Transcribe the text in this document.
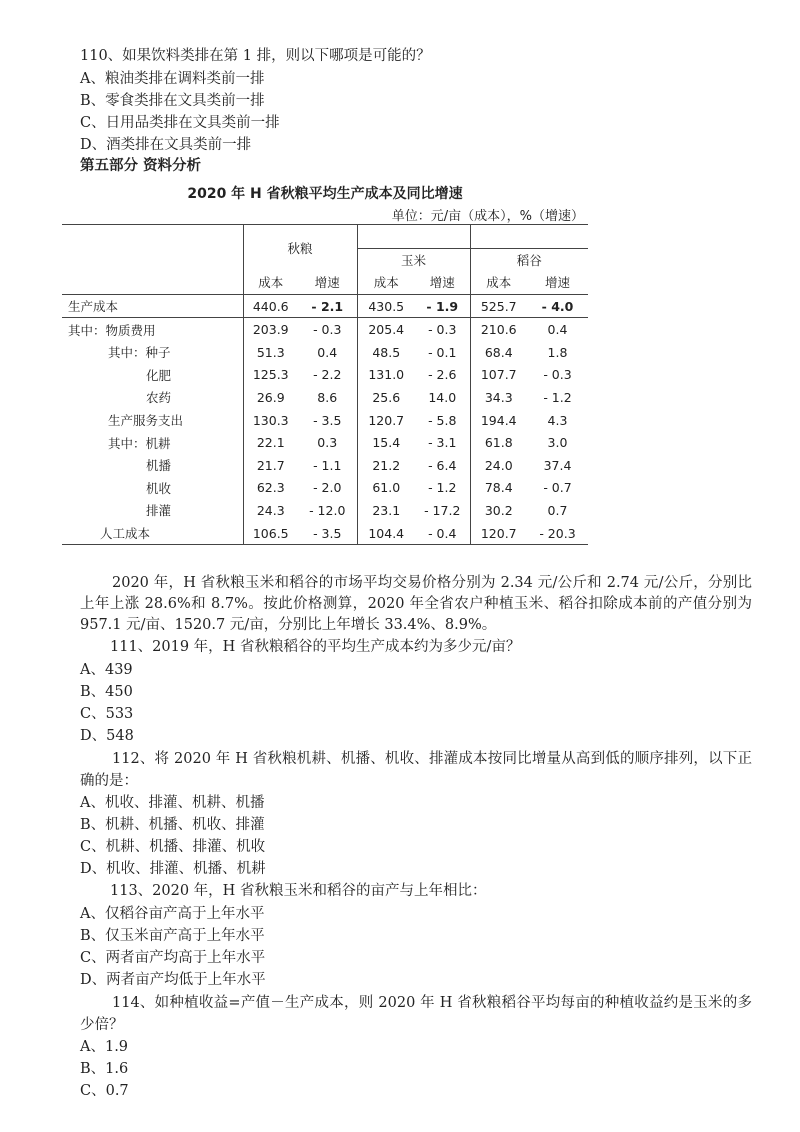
110、如果饮料类排在第 1 排，则以下哪项是可能的？
A、粮油类排在调料类前一排
B、零食类排在文具类前一排
C、日用品类排在文具类前一排
D、酒类排在文具类前一排
第五部分 资料分析
2020 年 H 省秋粮平均生产成本及同比增速
单位：元/亩（成本），%（增速）
	秋粮					
			玉米		稻谷	
	成本	增速	成本	增速	成本	增速
生产成本	440.6	- 2.1	430.5	- 1.9	525.7	- 4.0
其中：物质费用	203.9	- 0.3	205.4	- 0.3	210.6	0.4
其中：种子	51.3	0.4	48.5	- 0.1	68.4	1.8
化肥	125.3	- 2.2	131.0	- 2.6	107.7	- 0.3
农药	26.9	8.6	25.6	14.0	34.3	- 1.2
生产服务支出	130.3	- 3.5	120.7	- 5.8	194.4	4.3
其中：机耕	22.1	0.3	15.4	- 3.1	61.8	3.0
机播	21.7	- 1.1	21.2	- 6.4	24.0	37.4
机收	62.3	- 2.0	61.0	- 1.2	78.4	- 0.7
排灌	24.3	- 12.0	23.1	- 17.2	30.2	0.7
人工成本	106.5	- 3.5	104.4	- 0.4	120.7	- 20.3
2020 年，H 省秋粮玉米和稻谷的市场平均交易价格分别为 2.34 元/公斤和 2.74 元/公斤，分别比上年上涨 28.6%和 8.7%。按此价格测算，2020 年全省农户种植玉米、稻谷扣除成本前的产值分别为 957.1 元/亩、1520.7 元/亩，分别比上年增长 33.4%、8.9%。
111、2019 年，H 省秋粮稻谷的平均生产成本约为多少元/亩？
A、439
B、450
C、533
D、548
112、将 2020 年 H 省秋粮机耕、机播、机收、排灌成本按同比增量从高到低的顺序排列，以下正确的是：
A、机收、排灌、机耕、机播
B、机耕、机播、机收、排灌
C、机耕、机播、排灌、机收
D、机收、排灌、机播、机耕
113、2020 年，H 省秋粮玉米和稻谷的亩产与上年相比：
A、仅稻谷亩产高于上年水平
B、仅玉米亩产高于上年水平
C、两者亩产均高于上年水平
D、两者亩产均低于上年水平
114、如种植收益=产值－生产成本，则 2020 年 H 省秋粮稻谷平均每亩的种植收益约是玉米的多少倍？
A、1.9
B、1.6
C、0.7
